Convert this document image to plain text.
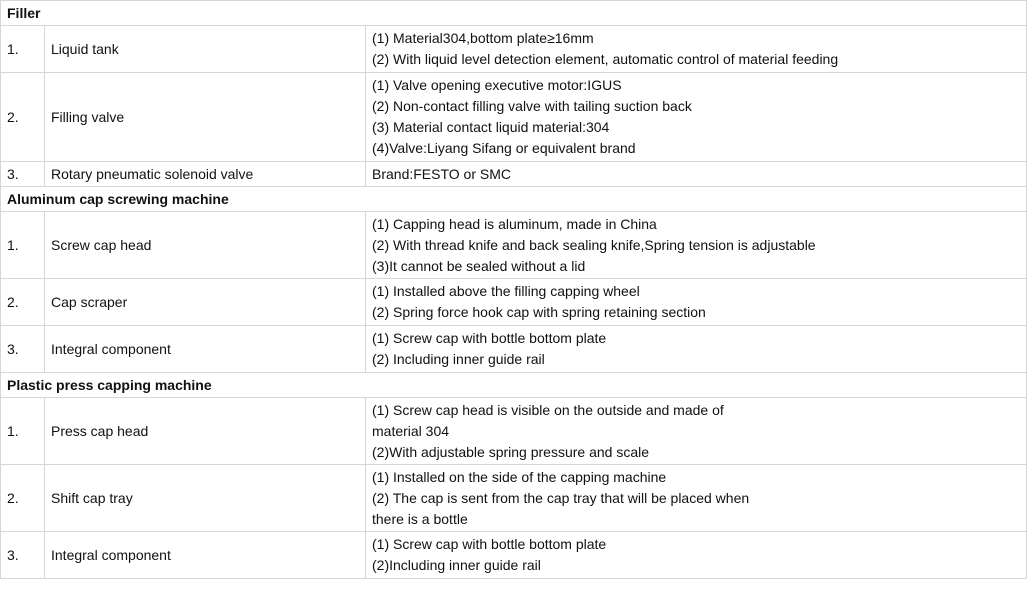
Filler		
1.	Liquid tank	(1) Material304,bottom plate≥16mm
(2) With liquid level detection element, automatic control of material feeding

2.	Filling valve	(1) Valve opening executive motor:IGUS
(2) Non-contact filling valve with tailing suction back
(3) Material contact liquid material:304
(4)Valve:Liyang Sifang or equivalent brand

3.	Rotary pneumatic solenoid valve	Brand:FESTO or SMC

Aluminum cap screwing machine		
1.	Screw cap head	(1) Capping head is aluminum, made in China
(2) With thread knife and back sealing knife,Spring tension is adjustable
(3)It cannot be sealed without a lid

2.	Cap scraper	(1) Installed above the filling capping wheel
(2) Spring force hook cap with spring retaining section

3.	Integral component	(1) Screw cap with bottle bottom plate
(2) Including inner guide rail

Plastic press capping machine		
1.	Press cap head	(1) Screw cap head is visible on the outside and made of
material 304
(2)With adjustable spring pressure and scale

2.	Shift cap tray	(1) Installed on the side of the capping machine
(2) The cap is sent from the cap tray that will be placed when
there is a bottle

3.	Integral component	(1) Screw cap with bottle bottom plate
(2)Including inner guide rail
